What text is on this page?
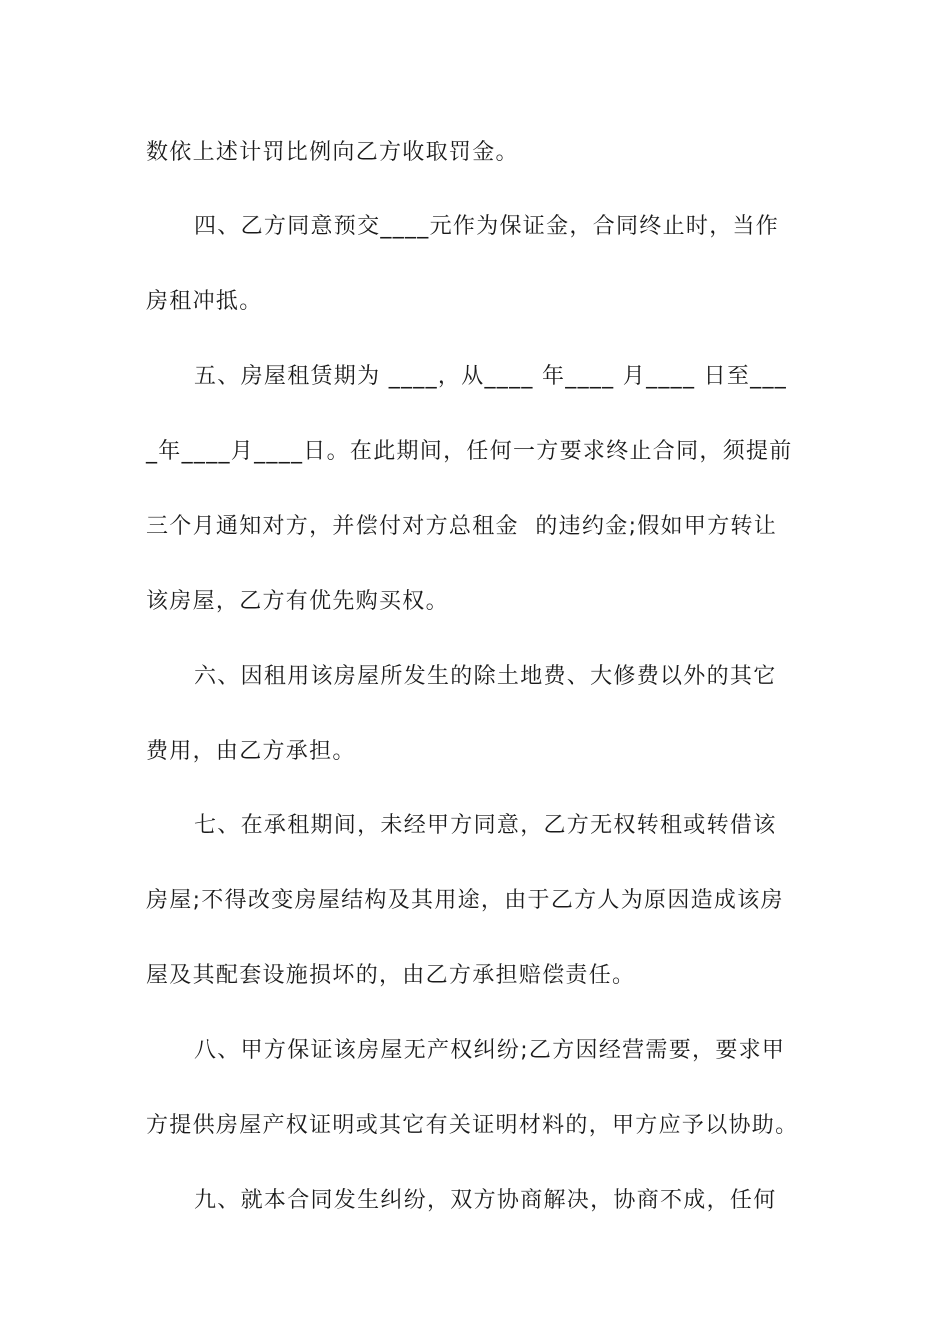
数依上述计罚比例向乙方收取罚金。
四、乙方同意预交____元作为保证金，合同终止时，当作
房租冲抵。
五、房屋租赁期为 ____，从____ 年____ 月____ 日至___
_年____月____日。在此期间，任何一方要求终止合同，须提前
三个月通知对方，并偿付对方总租金  的违约金;假如甲方转让
该房屋，乙方有优先购买权。
六、因租用该房屋所发生的除土地费、大修费以外的其它
费用，由乙方承担。
七、在承租期间，未经甲方同意，乙方无权转租或转借该
房屋;不得改变房屋结构及其用途，由于乙方人为原因造成该房
屋及其配套设施损坏的，由乙方承担赔偿责任。
八、甲方保证该房屋无产权纠纷;乙方因经营需要，要求甲
方提供房屋产权证明或其它有关证明材料的，甲方应予以协助。
九、就本合同发生纠纷，双方协商解决，协商不成，任何
